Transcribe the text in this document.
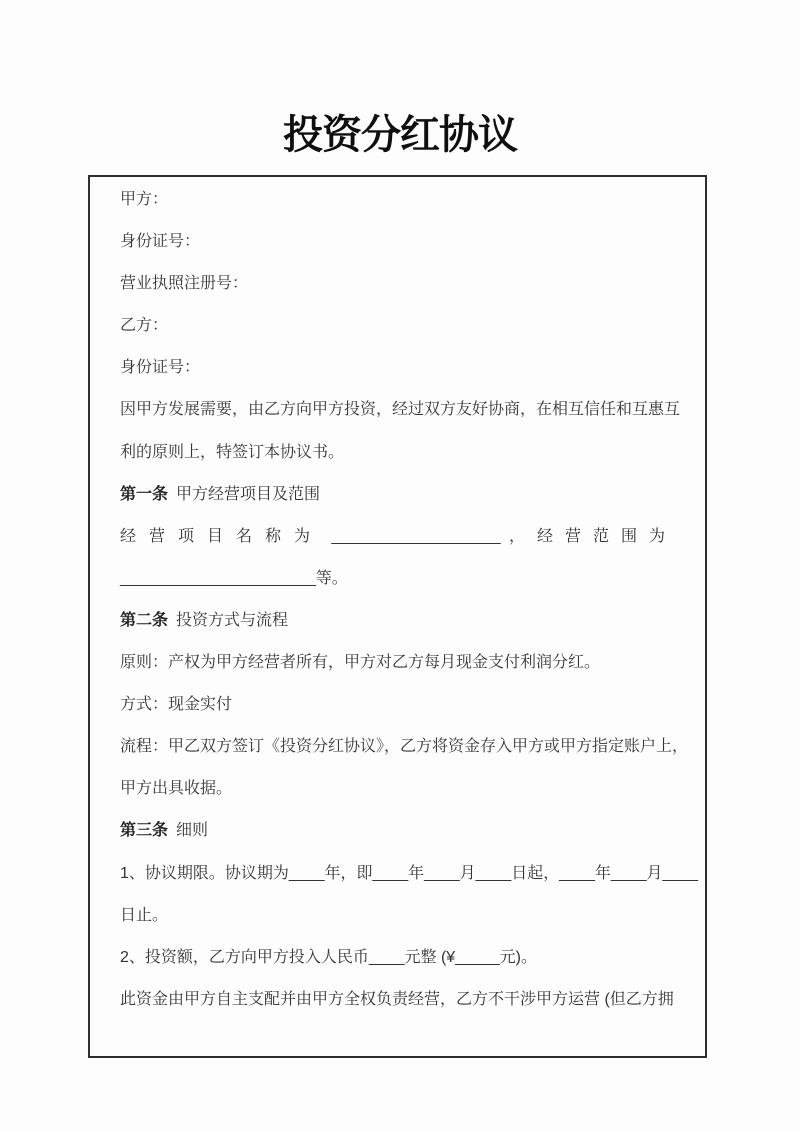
投资分红协议
甲方：
身份证号：
营业执照注册号：
乙方：
身份证号：
因甲方发展需要，由乙方向甲方投资，经过双方友好协商，在相互信任和互惠互
利的原则上，特签订本协议书。
第一条 甲方经营项目及范围
经营项目名称为 ___________________ ，经营范围为
______________________等。
第二条 投资方式与流程
原则：产权为甲方经营者所有，甲方对乙方每月现金支付利润分红。
方式：现金实付
流程：甲乙双方签订《投资分红协议》，乙方将资金存入甲方或甲方指定账户上，
甲方出具收据。
第三条 细则
1、协议期限。协议期为____年，即____年____月____日起，____年____月____
日止。
2、投资额，乙方向甲方投入人民币____元整 (¥_____元)。
此资金由甲方自主支配并由甲方全权负责经营，乙方不干涉甲方运营 (但乙方拥
